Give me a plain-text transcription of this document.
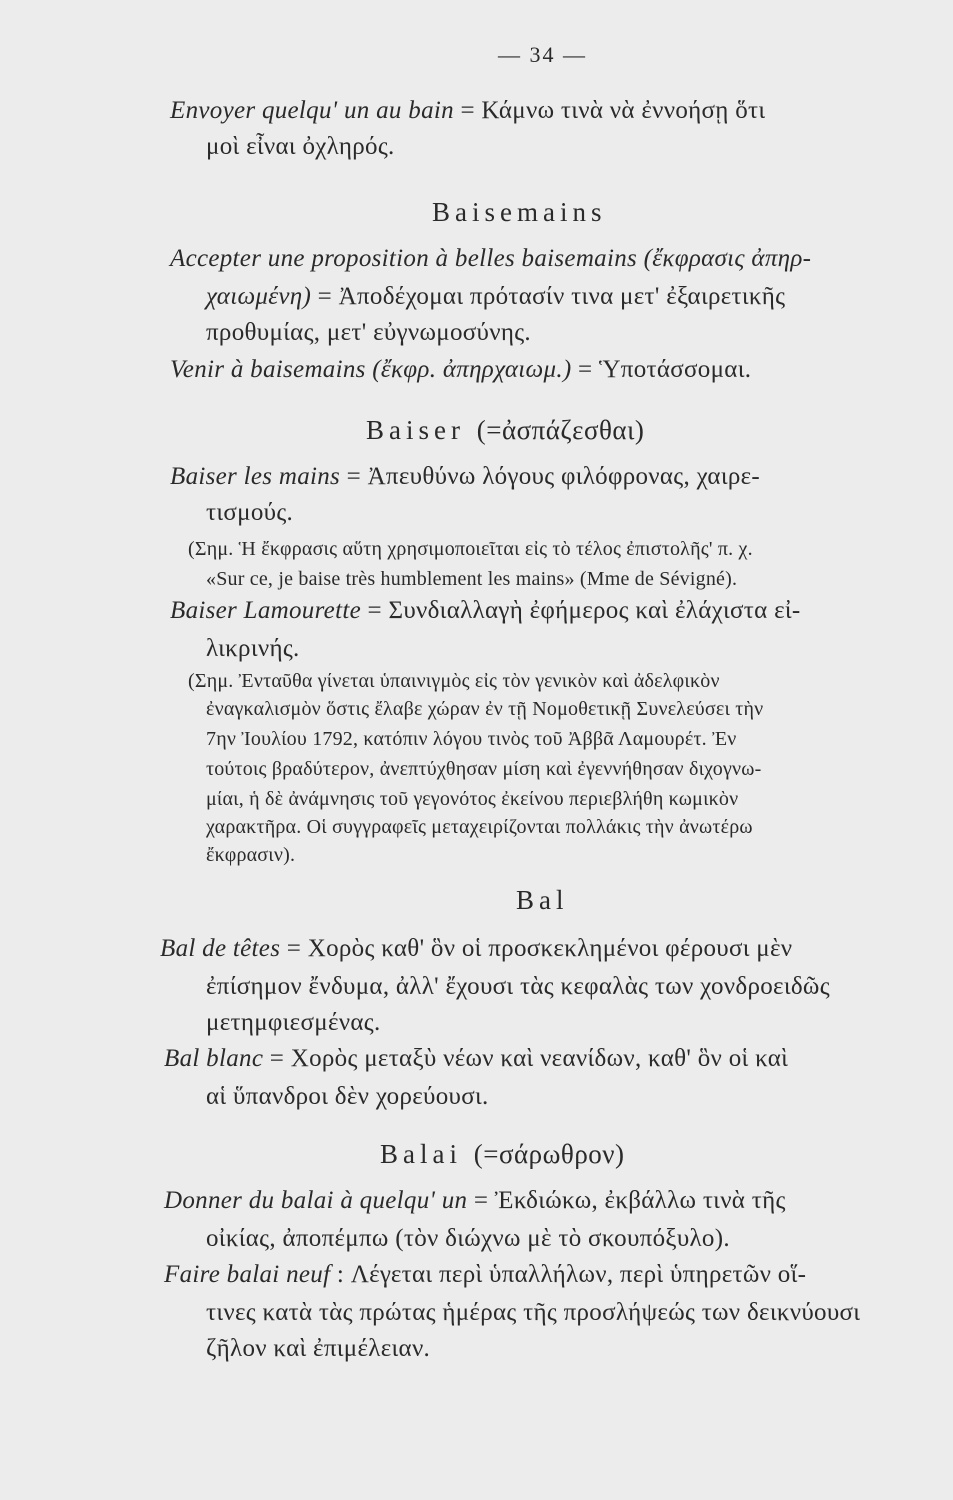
— 34 —
Envoyer quelqu' un au bain = Κάμνω τινὰ νὰ ἐννοήσῃ ὅτι
μοὶ εἶναι ὀχληρός.
Baisemains
Accepter une proposition à belles baisemains (ἔκφρασις ἀπηρ-
χαιωμένη) = Ἀποδέχομαι πρότασίν τινα μετ' ἐξαιρετικῆς
προθυμίας, μετ' εὐγνωμοσύνης.
Venir à baisemains (ἔκφρ. ἀπηρχαιωμ.) = Ὑποτάσσομαι.
Baiser (=ἀσπάζεσθαι)
Baiser les mains = Ἀπευθύνω λόγους φιλόφρονας, χαιρε-
τισμούς.
(Σημ. Ἡ ἔκφρασις αὕτη χρησιμοποιεῖται εἰς τὸ τέλος ἐπιστολῆς' π. χ.
«Sur ce, je baise très humblement les mains» (Mme de Sévigné).
Baiser Lamourette = Συνδιαλλαγὴ ἐφήμερος καὶ ἐλάχιστα εἰ-
λικρινής.
(Σημ. Ἐνταῦθα γίνεται ὑπαινιγμὸς εἰς τὸν γενικὸν καὶ ἀδελφικὸν
ἐναγκαλισμὸν ὅστις ἔλαβε χώραν ἐν τῇ Νομοθετικῇ Συνελεύσει τὴν
7ην Ἰουλίου 1792, κατόπιν λόγου τινὸς τοῦ Ἀββᾶ Λαμουρέτ. Ἐν
τούτοις βραδύτερον, ἀνεπτύχθησαν μίση καὶ ἐγεννήθησαν διχογνω-
μίαι, ἡ δὲ ἀνάμνησις τοῦ γεγονότος ἐκείνου περιεβλήθη κωμικὸν
χαρακτῆρα. Οἱ συγγραφεῖς μεταχειρίζονται πολλάκις τὴν ἀνωτέρω
ἔκφρασιν).
Bal
Bal de têtes = Χορὸς καθ' ὃν οἱ προσκεκλημένοι φέρουσι μὲν
ἐπίσημον ἔνδυμα, ἀλλ' ἔχουσι τὰς κεφαλὰς των χονδροειδῶς
μετημφιεσμένας.
Bal blanc = Χορὸς μεταξὺ νέων καὶ νεανίδων, καθ' ὃν οἱ καὶ
αἱ ὕπανδροι δὲν χορεύουσι.
Balai (=σάρωθρον)
Donner du balai à quelqu' un = Ἐκδιώκω, ἐκβάλλω τινὰ τῆς
οἰκίας, ἀποπέμπω (τὸν διώχνω μὲ τὸ σκουπόξυλο).
Faire balai neuf : Λέγεται περὶ ὑπαλλήλων, περὶ ὑπηρετῶν οἵ-
τινες κατὰ τὰς πρώτας ἡμέρας τῆς προσλήψεώς των δεικνύουσι
ζῆλον καὶ ἐπιμέλειαν.
